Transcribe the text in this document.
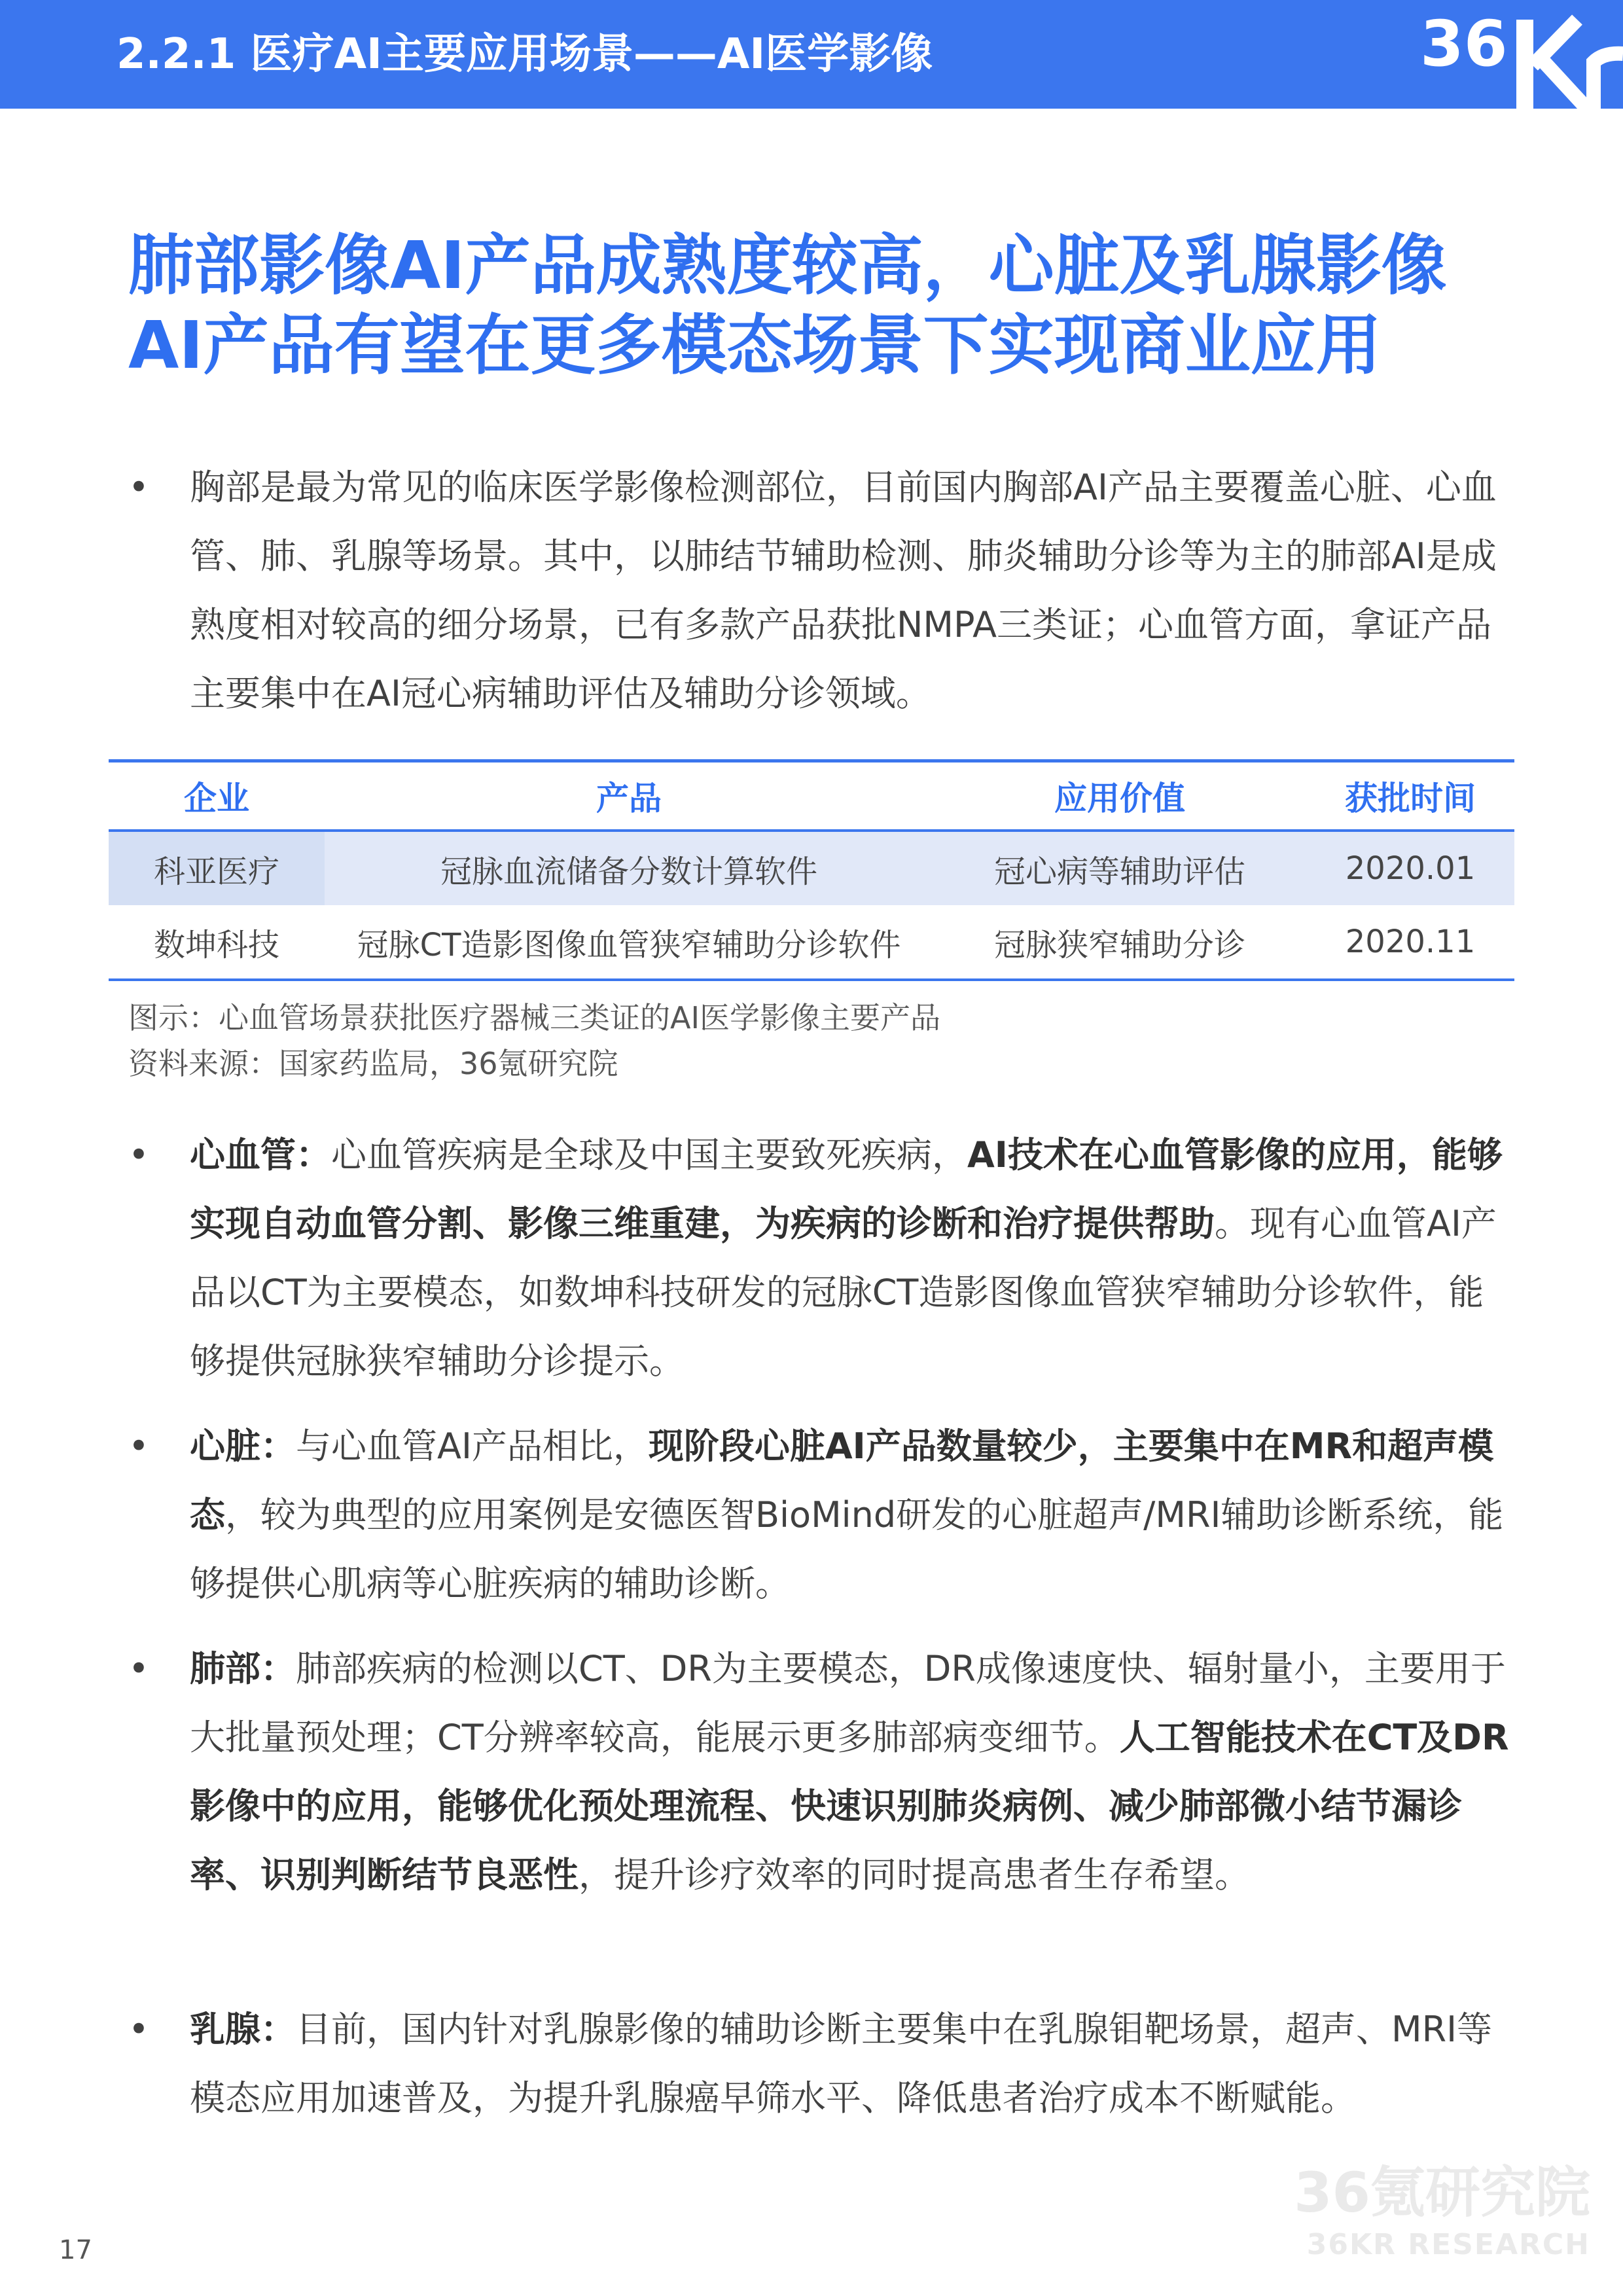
2.2.1 医疗AI主要应用场景——AI医学影像	36
肺部影像AI产品成熟度较高，心脏及乳腺影像
AI产品有望在更多模态场景下实现商业应用
• 胸部是最为常见的临床医学影像检测部位，目前国内胸部AI产品主要覆盖心脏、心血管、肺、乳腺等场景。其中，以肺结节辅助检测、肺炎辅助分诊等为主的肺部AI是成熟度相对较高的细分场景，已有多款产品获批NMPA三类证；心血管方面，拿证产品主要集中在AI冠心病辅助评估及辅助分诊领域。

企业	产品	应用价值	获批时间
科亚医疗	冠脉血流储备分数计算软件	冠心病等辅助评估	2020.01
数坤科技	冠脉CT造影图像血管狭窄辅助分诊软件	冠脉狭窄辅助分诊	2020.11
图示：心血管场景获批医疗器械三类证的AI医学影像主要产品
资料来源：国家药监局，36氪研究院
• 心血管：心血管疾病是全球及中国主要致死疾病，AI技术在心血管影像的应用，能够实现自动血管分割、影像三维重建，为疾病的诊断和治疗提供帮助。现有心血管AI产品以CT为主要模态，如数坤科技研发的冠脉CT造影图像血管狭窄辅助分诊软件，能够提供冠脉狭窄辅助分诊提示。

• 心脏：与心血管AI产品相比，现阶段心脏AI产品数量较少，主要集中在MR和超声模态，较为典型的应用案例是安德医智BioMind研发的心脏超声/MRI辅助诊断系统，能够提供心肌病等心脏疾病的辅助诊断。

• 肺部：肺部疾病的检测以CT、DR为主要模态，DR成像速度快、辐射量小，主要用于大批量预处理；CT分辨率较高，能展示更多肺部病变细节。人工智能技术在CT及DR影像中的应用，能够优化预处理流程、快速识别肺炎病例、减少肺部微小结节漏诊率、识别判断结节良恶性，提升诊疗效率的同时提高患者生存希望。

• 乳腺：目前，国内针对乳腺影像的辅助诊断主要集中在乳腺钼靶场景，超声、MRI等模态应用加速普及，为提升乳腺癌早筛水平、降低患者治疗成本不断赋能。

36氪研究院
36KR RESEARCH
17
